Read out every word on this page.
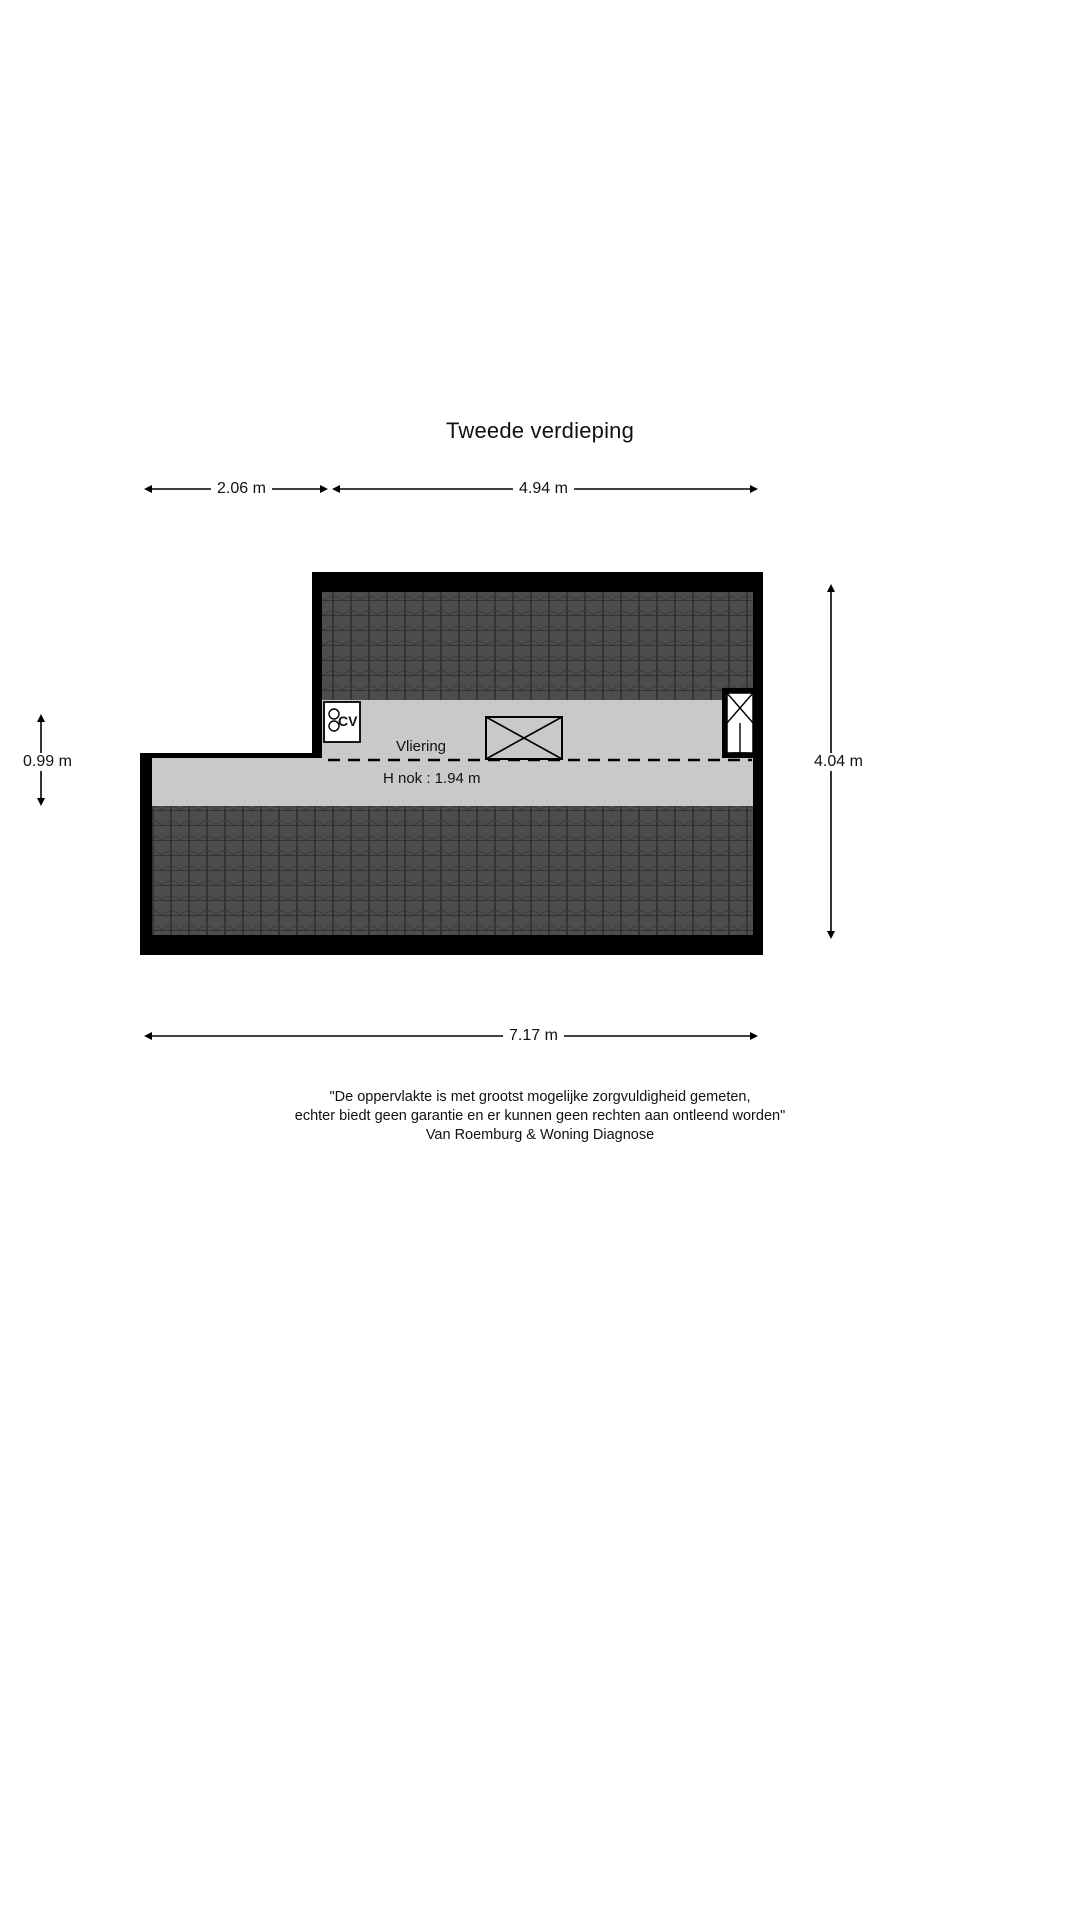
Tweede verdieping
2.06 m	4.94 m
7.17 m
0.99 m	4.04 m
Vliering
H nok : 1.94 m
CV
"De oppervlakte is met grootst mogelijke zorgvuldigheid gemeten,
echter biedt geen garantie en er kunnen geen rechten aan ontleend worden"
Van Roemburg & Woning Diagnose
